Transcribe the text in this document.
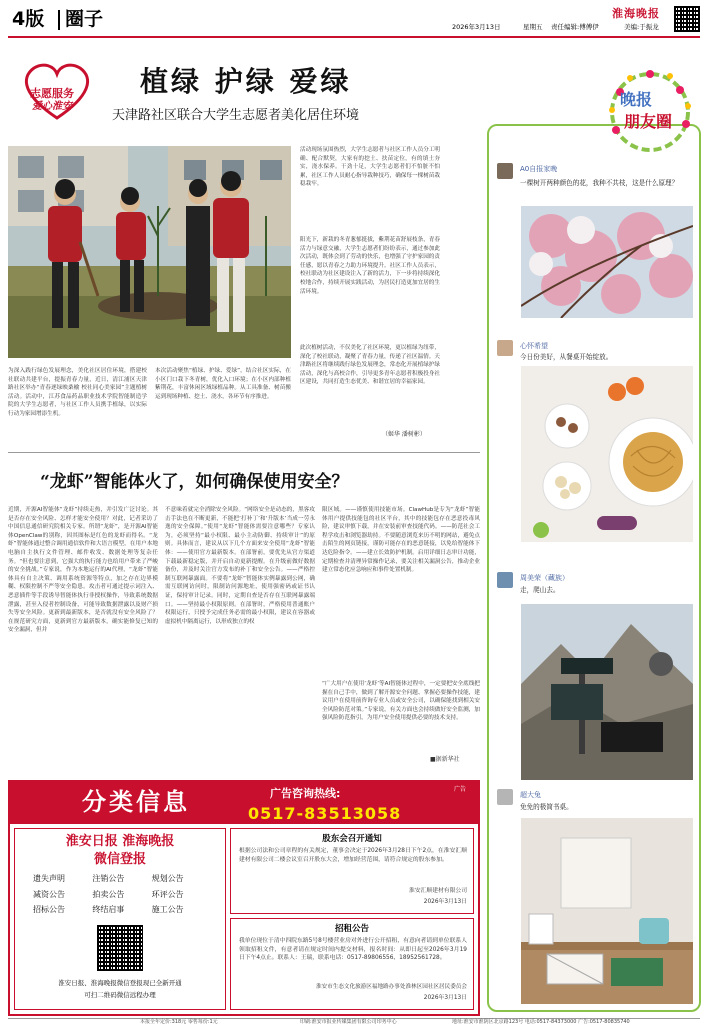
4版 圈子	2026年3月13日	星期五 责任编辑:傅傅伊	美编:于振龙
淮海晚报
志愿服务
爱心淮安
植绿 护绿 爱绿
天津路社区联合大学生志愿者美化居住环境
为深入践行绿色发展理念，美化社区居住环境，搭建校社联动共建平台，提振青春力量，近日，清江浦区天津路社区举办“青春逐绿映桑榆 校社同心美家园”主题植树活动。活动中，江苏食品药品职业技术学院智能制造学院的大学生志愿者，与社区工作人员携手植绿，以实际行动为家园增添生机。
本次活动聚焦“植绿、护绿、爱绿”，结合社区实际，在小区门口栽下冬青树，优化入口环境；在小区内部种植紫荆花，丰富休闲区域绿植品种。从工具准备、树苗搬运到现场种植、挖土、浇水，各环节有序推进。
活动现场氛围热烈，大学生志愿者与社区工作人员分工明确、配合默契，大家有的挖土、扶苗定位，有的填土夯实，浇水保养。干劲十足，大学生志愿者们不怕脏不怕累，社区工作人员耐心指导栽种技巧，确保每一棵树苗栽稳栽牢。
阳光下，新栽的冬青葱郁挺拔，紫荆花苗舒展枝条，青春活力与绿意交融，大学生志愿者们纷纷表示，通过参加此次活动，既体会到了劳动的快乐，也增强了守护家园的责任感，愿以青春之力助力环境提升。社区工作人员表示，校社联动为社区建设注入了新的活力，下一步将持续深化校地合作，持续开展实践活动，为居民打造更加宜居的生活环境。
此次植树活动，不仅美化了社区环境，更以植绿为纽带，深化了校社联动，凝聚了青春力量，传递了社区温情。天津路社区将继续践行绿色发展理念，常态化开展植绿护绿活动，深化与高校合作，引导更多青年志愿者积极投身社区建设，共同打造生态优美、和谐宜居的幸福家园。
（姬华 潘树彬）
“龙虾”智能体火了，如何确保使用安全？
近期，开源AI智能体“龙虾”持续走热，并引发广泛讨论。其是否存在安全风险、怎样才能安全使用？对此，记者采访了中国信息通信研究院相关专家。所谓“龙虾”，是开源AI智能体OpenClaw的别称，因其图标是红色的龙虾而得名。“龙虾”智能体通过整合调用通信软件和大语言模型，在用户本地电脑自主执行文件管理、邮件收发、数据处理等复杂任务。“但也要注意到，它强大的执行能力也给用户带来了严峻的安全挑战。”专家说，作为本地运行的AI代理，“龙虾”智能体具有自主决策、调用系统资源等特点，加之存在边界模糊、权限控制不严等安全隐患。攻击者可通过提示词注入、恶意插件等手段诱导智能体执行非授权操作，导致系统数据泄露，甚至入侵者控制设备，可能导致数据泄露以及财产损失等安全风险。更新到最新版本，是否就没有安全风险了？在规范研究方面，更新到官方最新版本，确实能修复已知的安全漏洞，但并
不意味着就完全消除安全风险。“网络安全是动态的，黑客攻击手法也在不断更新，不能把‘打补丁’和‘升版本’当成一劳永逸的安全保障。”使用“龙虾”智能体需要注意哪些？专家认为，必须坚持“最小权限、最小主动防御、持续审计”的原则。具体而言，建议从以下几个方面来安全使用“龙虾”智能体：——使用官方最新版本。在部署前，要优先从官方渠道下载最新稳定版，并开启自动更新提醒。在升级前做好数据备份，并及时关注官方发布的补丁和安全公告。——严格控制互联网暴露面。不要将“龙虾”智能体实例暴露到公网，确需互联网访问时，限制访问源地址，使用强密码或证书认证，保持审计记录。同时，定期自查是否存在互联网暴露端口。——坚持最小权限原则。在部署时，严格使用普通账户权限运行，只授予完成任务必需的最小权限，建议在容器或虚拟机中隔离运行，以形成独立的权
限区域。——谨慎使用技能市场。ClawHub是专为“龙虾”智能体用户提供技能包的社区平台，其中的技能包存在恶意投毒风险，建议审慎下载，并在安装前审查技能代码。——防范社会工程学攻击和浏览器劫持。不要随意浏览来历不明的网站，避免点击陌生的网页链接，谨防可能存在的恶意链接，以免给智能体下达危险指令。——建立长效防护机制。启用详细日志审计功能，定期检查并清理异常操作记录，要关注相关漏洞公告，推动企业建立常态化应急响应和事件处置机制。
“广大用户在使用‘龙虾’等AI智能体过程中，一定要把安全底线把握在自己手中，做到了解开源安全问题、掌握必要操作技能，建议用户在使用前咨询专业人员或安全公司，以确保能找到相关安全风险防范对策。”专家说，有关方面也会持续做好安全监测，加强风险防范指引，为用户安全使用提供必要的技术支持。
■据新华社
分类信息	广告咨询热线:
0517-83513058
广告
淮安日报 淮海晚报
微信登报
遗失声明	注销公告	规划公告
减资公告	拍卖公告	环评公告
招标公告	终结启事	施工公告
淮安日报、淮海晚报微信登报现已全新开通
可扫二维码微信远程办理
股东会召开通知
根据公司法和公司章程的有关规定，董事会决定于2026年3月28日下午2点，在淮安汇顺建材有限公司二楼会议室召开股东大会，增加经营范围，请符合规定的股东参加。
淮安汇顺建材有限公司
2026年3月13日
招租公告
我单位现位于清中四院东路5号8号楼营业房对外进行公开招租，有意向者请到单位联系人领取招租文件，有意者请在规定时间内提交材料，报名时间：从即日起至2026年3月19日下午4点止。联系人：王瑞，联系电话：0517-89806556、18952561728。
淮安市生态文化旅游区福地路办事处淮林区园社区居民委员会
2026年3月13日
晚报
朋友圈
A0自报家晚
一棵树开两种颜色的花，我种不共枝，这是什么原理？
心怀希望
今日份美好，从餐桌开始绽放。
周美荣（藏族）
走，爬山去。
超大兔
免免的极简书桌。
本报全年定价:318元 零售每份:1元	印刷:淮安市报业传媒集团有限公司印务中心	地址:淮安市淮阴区北京路123号 电话:0517-84373000 广告:0517-80835740
